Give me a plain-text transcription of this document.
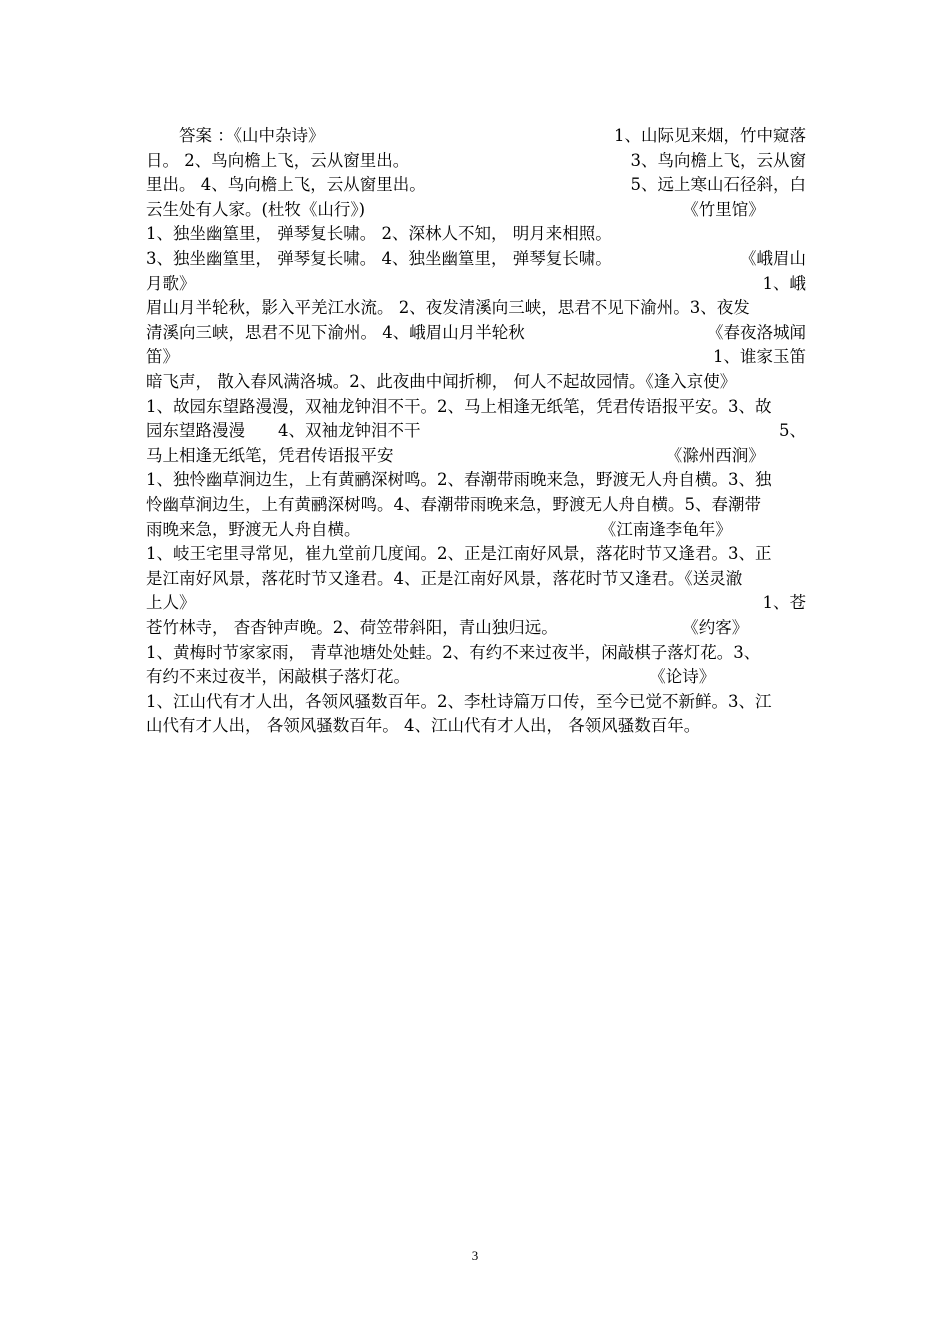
　　答案 ：《山中杂诗》	1、山际见来烟，竹中窥落
日。 2、鸟向檐上飞，云从窗里出。	3、鸟向檐上飞，云从窗
里出。 4、鸟向檐上飞，云从窗里出。	5、远上寒山石径斜，白
云生处有人家。(杜牧《山行》)	《竹里馆》　　　
1、独坐幽篁里， 弹琴复长啸。 2、深林人不知， 明月来相照。
3、独坐幽篁里， 弹琴复长啸。 4、独坐幽篁里， 弹琴复长啸。	《峨眉山
月歌》	1、峨
眉山月半轮秋，影入平羌江水流。 2、夜发清溪向三峡，思君不见下渝州。3、夜发
清溪向三峡，思君不见下渝州。 4、峨眉山月半轮秋	《春夜洛城闻
笛》	1、谁家玉笛
暗飞声， 散入春风满洛城。2、此夜曲中闻折柳， 何人不起故园情。《逢入京使》
1、故园东望路漫漫，双袖龙钟泪不干。2、马上相逢无纸笔，凭君传语报平安。3、故
园东望路漫漫　　4、双袖龙钟泪不干	5、
马上相逢无纸笔，凭君传语报平安	《滁州西涧》　　　
1、独怜幽草涧边生，上有黄鹂深树鸣。2、春潮带雨晚来急，野渡无人舟自横。3、独
怜幽草涧边生，上有黄鹂深树鸣。4、春潮带雨晚来急，野渡无人舟自横。5、春潮带
雨晚来急，野渡无人舟自横。	《江南逢李龟年》　　　　　
1、岐王宅里寻常见，崔九堂前几度闻。2、正是江南好风景，落花时节又逢君。3、正
是江南好风景，落花时节又逢君。4、正是江南好风景，落花时节又逢君。《送灵澈
上人》	1、苍
苍竹林寺， 杳杳钟声晚。2、荷笠带斜阳，青山独归远。	《约客》　　　　
1、黄梅时节家家雨， 青草池塘处处蛙。2、有约不来过夜半，闲敲棋子落灯花。3、
有约不来过夜半，闲敲棋子落灯花。	《论诗》　　　　　　
1、江山代有才人出，各领风骚数百年。2、李杜诗篇万口传，至今已觉不新鲜。3、江
山代有才人出， 各领风骚数百年。 4、江山代有才人出， 各领风骚数百年。
3
